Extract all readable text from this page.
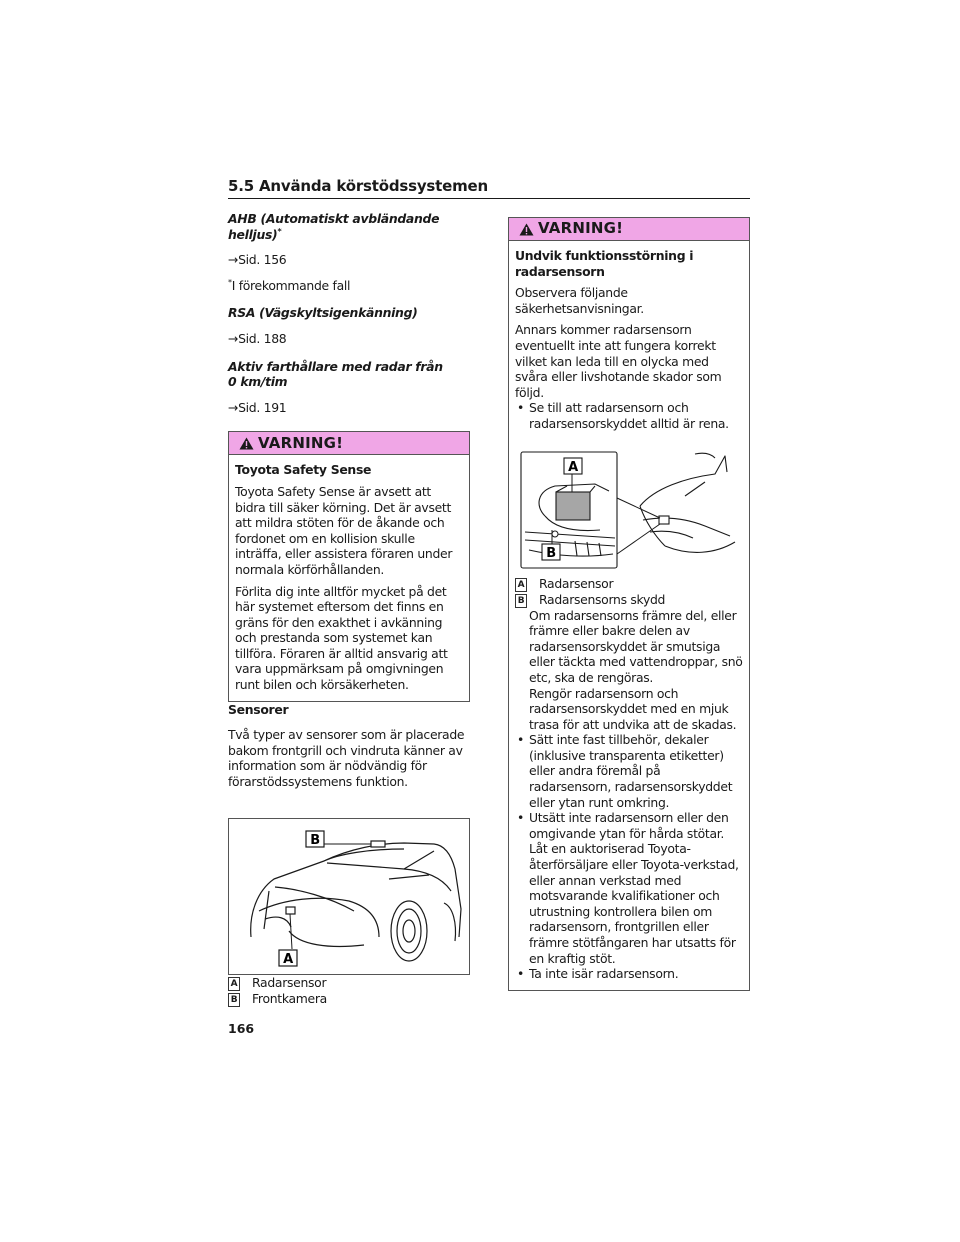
5.5 Använda körstödssystemen

AHB (Automatiskt avbländande helljus)*

→Sid. 156

*I förekommande fall

RSA (Vägskyltsigenkänning)

→Sid. 188

Aktiv farthållare med radar från
0 km/tim

→Sid. 191

VARNING!

Toyota Safety Sense

Toyota Safety Sense är avsett att bidra till säker körning. Det är avsett att mildra stöten för de åkande och fordonet om en kollision skulle inträffa, eller assistera föraren under normala körförhållanden.

Förlita dig inte alltför mycket på det här systemet eftersom det finns en gräns för den exakthet i avkänning och prestanda som systemet kan tillföra. Föraren är alltid ansvarig att vara uppmärksam på omgivningen runt bilen och körsäkerheten.

Sensorer

Två typer av sensorer som är placerade bakom frontgrill och vindruta känner av information som är nödvändig för förarstödssystemens funktion.

B
A

A Radarsensor

B Frontkamera

VARNING!

Undvik funktionsstörning i radarsensorn

Observera följande säkerhetsanvisningar.

Annars kommer radarsensorn eventuellt inte att fungera korrekt vilket kan leda till en olycka med svåra eller livshotande skador som följd.

• Se till att radarsensorn och radarsensorskyddet alltid är rena.

A
B

A Radarsensor

B Radarsensorns skydd

Om radarsensorns främre del, eller främre eller bakre delen av radarsensorskyddet är smutsiga eller täckta med vattendroppar, snö etc, ska de rengöras.

Rengör radarsensorn och radarsensorskyddet med en mjuk trasa för att undvika att de skadas.

• Sätt inte fast tillbehör, dekaler (inklusive transparenta etiketter) eller andra föremål på radarsensorn, radarsensorskyddet eller ytan runt omkring.

• Utsätt inte radarsensorn eller den omgivande ytan för hårda stötar. Låt en auktoriserad Toyota-återförsäljare eller Toyota-verkstad, eller annan verkstad med motsvarande kvalifikationer och utrustning kontrollera bilen om radarsensorn, frontgrillen eller främre stötfångaren har utsatts för en kraftig stöt.

• Ta inte isär radarsensorn.

166
